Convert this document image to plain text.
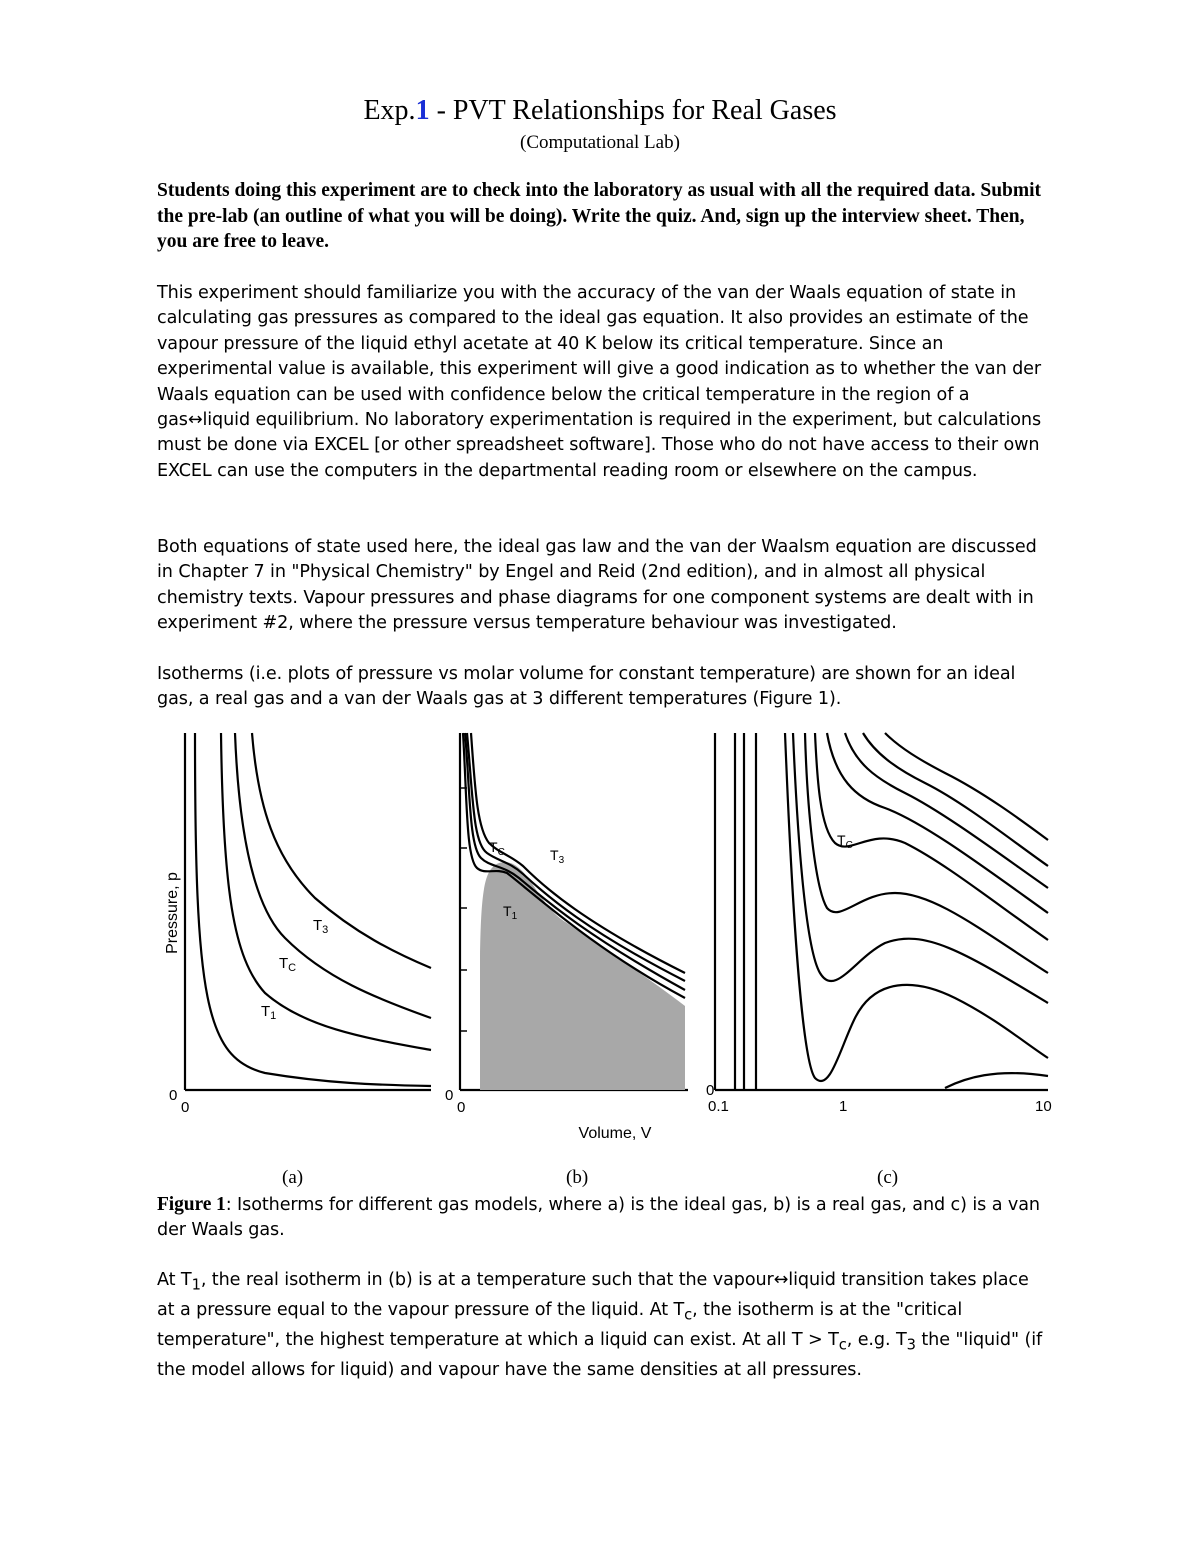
Exp.1 - PVT Relationships for Real Gases
(Computational Lab)

Students doing this experiment are to check into the laboratory as usual with all the required data. Submit the pre-lab (an outline of what you will be doing). Write the quiz. And, sign up the interview sheet. Then, you are free to leave.

This experiment should familiarize you with the accuracy of the van der Waals equation of state in calculating gas pressures as compared to the ideal gas equation. It also provides an estimate of the vapour pressure of the liquid ethyl acetate at 40 K below its critical temperature. Since an experimental value is available, this experiment will give a good indication as to whether the van der Waals equation can be used with confidence below the critical temperature in the region of a gas↔liquid equilibrium. No laboratory experimentation is required in the experiment, but calculations must be done via EXCEL [or other spreadsheet software]. Those who do not have access to their own EXCEL can use the computers in the departmental reading room or elsewhere on the campus.

Both equations of state used here, the ideal gas law and the van der Waalsm equation are discussed in Chapter 7 in "Physical Chemistry" by Engel and Reid (2nd edition), and in almost all physical chemistry texts. Vapour pressures and phase diagrams for one component systems are dealt with in experiment #2, where the pressure versus temperature behaviour was investigated.

Isotherms (i.e. plots of pressure vs molar volume for constant temperature) are shown for an ideal gas, a real gas and a van der Waals gas at 3 different temperatures (Figure 1).

Pressure, p
Volume, V
0
0
$T_3$
$T_C$
$T_1$
0
0
$T_C$	$T_3$
$T_1$
0
0.1	1	10
$T_C$
(a)	(b)	(c)

Figure 1: Isotherms for different gas models, where a) is the ideal gas, b) is a real gas, and c) is a van der Waals gas.

At $T_1$, the real isotherm in (b) is at a temperature such that the vapour↔liquid transition takes place at a pressure equal to the vapour pressure of the liquid. At $T_c$, the isotherm is at the "critical temperature", the highest temperature at which a liquid can exist. At all $T > T_c$, e.g. $T_3$ the "liquid" (if the model allows for liquid) and vapour have the same densities at all pressures.
